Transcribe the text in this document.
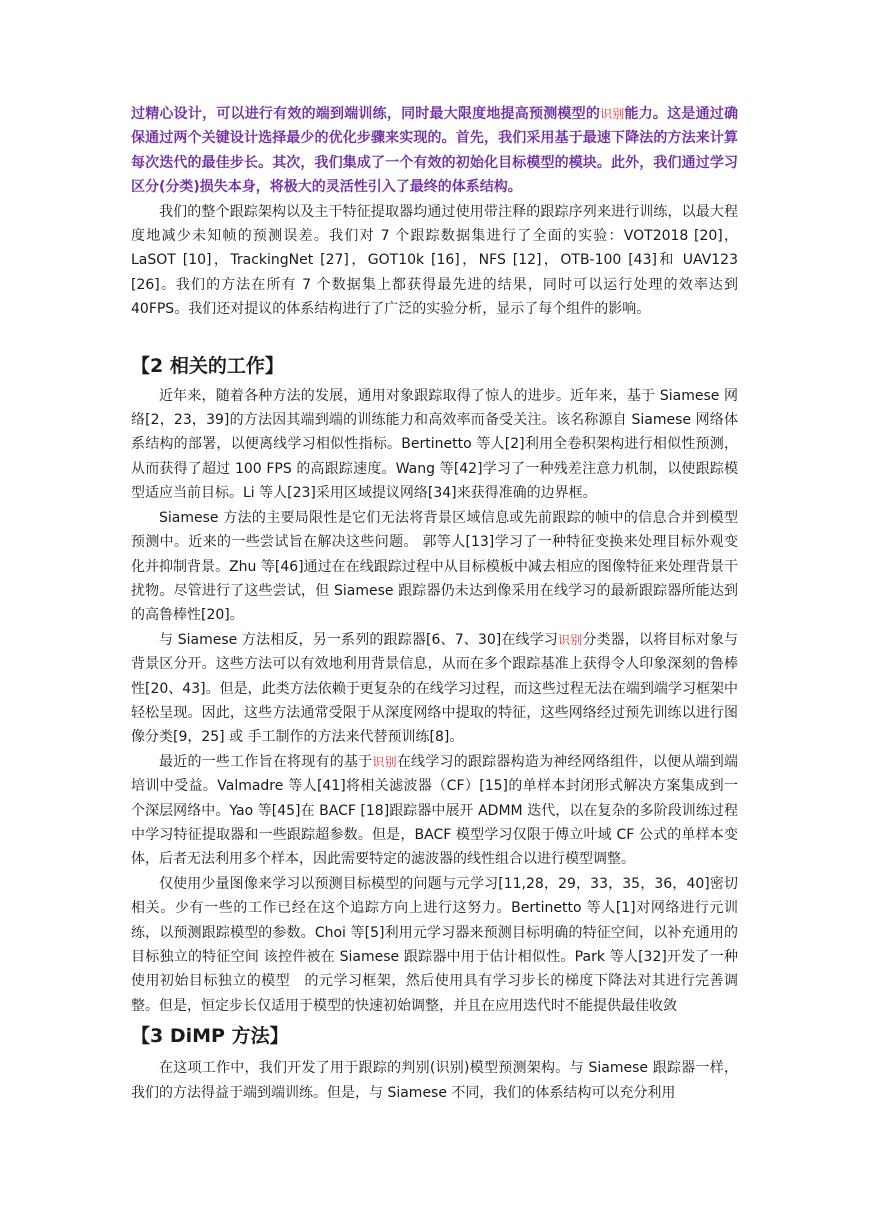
过精心设计，可以进行有效的端到端训练，同时最大限度地提高预测模型的识别能力。这是通过确保通过两个关键设计选择最少的优化步骤来实现的。首先，我们采用基于最速下降法的方法来计算每次迭代的最佳步长。其次，我们集成了一个有效的初始化目标模型的模块。此外，我们通过学习区分(分类)损失本身，将极大的灵活性引入了最终的体系结构。

我们的整个跟踪架构以及主干特征提取器均通过使用带注释的跟踪序列来进行训练，以最大程度地减少未知帧的预测误差。我们对 7 个跟踪数据集进行了全面的实验：VOT2018 [20]，LaSOT [10]，TrackingNet [27]，GOT10k [16]，NFS [12]，OTB-100 [43]和 UAV123 [26]。我们的方法在所有 7 个数据集上都获得最先进的结果，同时可以运行处理的效率达到 40FPS。我们还对提议的体系结构进行了广泛的实验分析，显示了每个组件的影响。

【2 相关的工作】

近年来，随着各种方法的发展，通用对象跟踪取得了惊人的进步。近年来，基于 Siamese 网络[2，23，39]的方法因其端到端的训练能力和高效率而备受关注。该名称源自 Siamese 网络体系结构的部署，以便离线学习相似性指标。Bertinetto 等人[2]利用全卷积架构进行相似性预测，从而获得了超过 100 FPS 的高跟踪速度。Wang 等[42]学习了一种残差注意力机制，以使跟踪模型适应当前目标。Li 等人[23]采用区域提议网络[34]来获得准确的边界框。

Siamese 方法的主要局限性是它们无法将背景区域信息或先前跟踪的帧中的信息合并到模型预测中。近来的一些尝试旨在解决这些问题。 郭等人[13]学习了一种特征变换来处理目标外观变化并抑制背景。Zhu 等[46]通过在在线跟踪过程中从目标模板中减去相应的图像特征来处理背景干扰物。尽管进行了这些尝试，但 Siamese 跟踪器仍未达到像采用在线学习的最新跟踪器所能达到的高鲁棒性[20]。

与 Siamese 方法相反，另一系列的跟踪器[6、7、30]在线学习识别分类器，以将目标对象与背景区分开。这些方法可以有效地利用背景信息，从而在多个跟踪基准上获得令人印象深刻的鲁棒性[20、43]。但是，此类方法依赖于更复杂的在线学习过程，而这些过程无法在端到端学习框架中轻松呈现。因此，这些方法通常受限于从深度网络中提取的特征，这些网络经过预先训练以进行图像分类[9，25] 或 手工制作的方法来代替预训练[8]。

最近的一些工作旨在将现有的基于识别在线学习的跟踪器构造为神经网络组件，以便从端到端培训中受益。Valmadre 等人[41]将相关滤波器（CF）[15]的单样本封闭形式解决方案集成到一个深层网络中。Yao 等[45]在 BACF [18]跟踪器中展开 ADMM 迭代，以在复杂的多阶段训练过程中学习特征提取器和一些跟踪超参数。但是，BACF 模型学习仅限于傅立叶域 CF 公式的单样本变体，后者无法利用多个样本，因此需要特定的滤波器的线性组合以进行模型调整。

仅使用少量图像来学习以预测目标模型的问题与元学习[11,28，29，33，35，36，40]密切相关。少有一些的工作已经在这个追踪方向上进行这努力。Bertinetto 等人[1]对网络进行元训练，以预测跟踪模型的参数。Choi 等[5]利用元学习器来预测目标明确的特征空间，以补充通用的目标独立的特征空间 该控件被在 Siamese 跟踪器中用于估计相似性。Park 等人[32]开发了一种使用初始目标独立的模型　的元学习框架，然后使用具有学习步长的梯度下降法对其进行完善调整。但是，恒定步长仅适用于模型的快速初始调整，并且在应用迭代时不能提供最佳收敛

【3 DiMP 方法】

在这项工作中，我们开发了用于跟踪的判别(识别)模型预测架构。与 Siamese 跟踪器一样，我们的方法得益于端到端训练。但是，与 Siamese 不同，我们的体系结构可以充分利用
